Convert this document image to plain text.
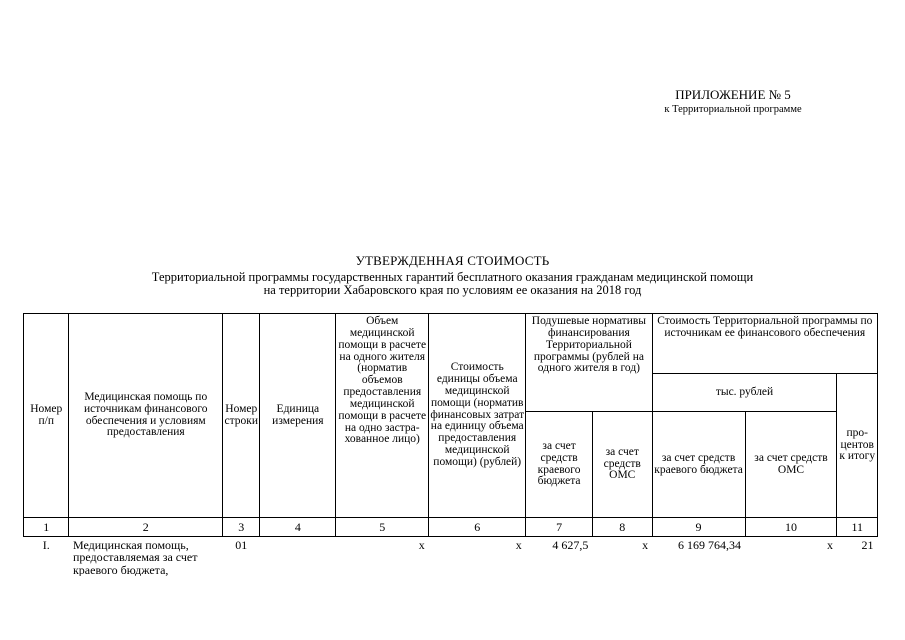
ПРИЛОЖЕНИЕ № 5
к Территориальной программе
УТВЕРЖДЕННАЯ СТОИМОСТЬ
Территориальной программы государственных гарантий бесплатного оказания гражданам медицинской помощи
на территории Хабаровского края по условиям ее оказания на 2018 год
Номер п/п	Медицинская помощь по источникам финансового обеспечения и условиям предоставления	Номер строки	Единица измерения	Объем медицинской помощи в расчете на одного жителя (норматив объемов предоставления медицинской помощи в расчете на одно застрахованное лицо)	Стоимость единицы объема медицинской помощи (норматив финансовых затрат на единицу объема предоставления медицинской помощи) (рублей)	Подушевые нормативы финансирования Территориальной программы (рублей на одного жителя в год)		Стоимость Территориальной программы по источникам ее финансового обеспечения		
								тыс. рублей		процентов к итогу
						за счет средств краевого бюджета	за счет средств ОМС	за счет средств краевого бюджета	за счет средств ОМС	
1	2	3	4	5	6	7	8	9	10	11
I.	Медицинская помощь, предоставляемая за счет краевого бюджета,	01		х	х	4 627,5	х	6 169 764,34	х	21
